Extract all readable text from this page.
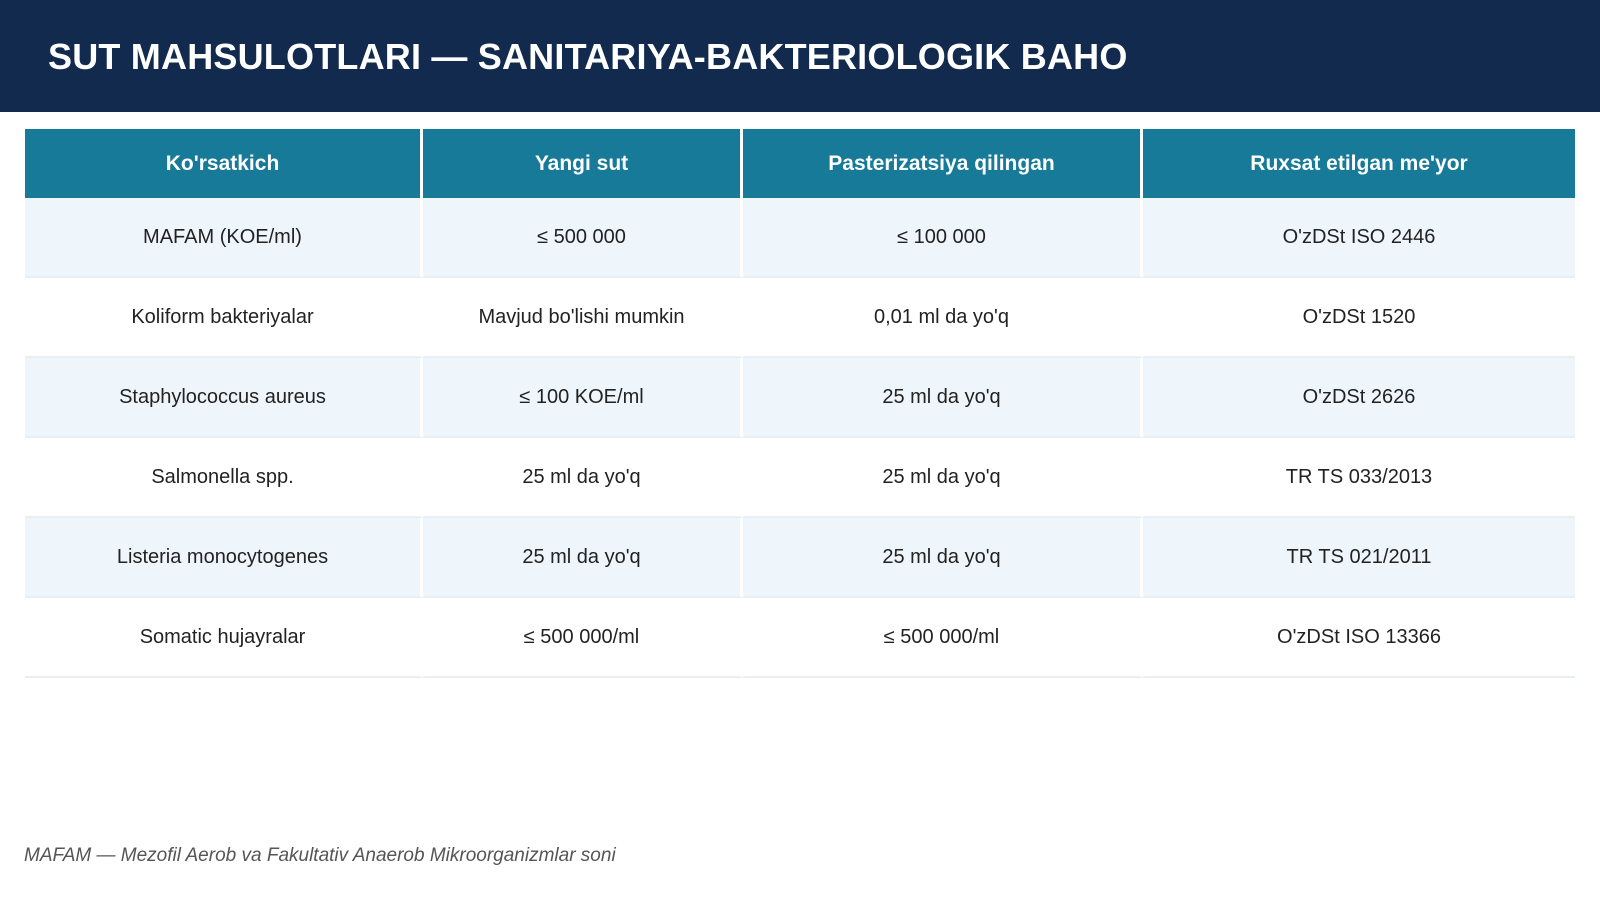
SUT MAHSULOTLARI — SANITARIYA-BAKTERIOLOGIK BAHO
Ko'rsatkich	Yangi sut	Pasterizatsiya qilingan	Ruxsat etilgan me'yor
MAFAM (KOE/ml)	≤ 500 000	≤ 100 000	O'zDSt ISO 2446
Koliform bakteriyalar	Mavjud bo'lishi mumkin	0,01 ml da yo'q	O'zDSt 1520
Staphylococcus aureus	≤ 100 KOE/ml	25 ml da yo'q	O'zDSt 2626
Salmonella spp.	25 ml da yo'q	25 ml da yo'q	TR TS 033/2013
Listeria monocytogenes	25 ml da yo'q	25 ml da yo'q	TR TS 021/2011
Somatic hujayralar	≤ 500 000/ml	≤ 500 000/ml	O'zDSt ISO 13366
MAFAM — Mezofil Aerob va Fakultativ Anaerob Mikroorganizmlar soni
